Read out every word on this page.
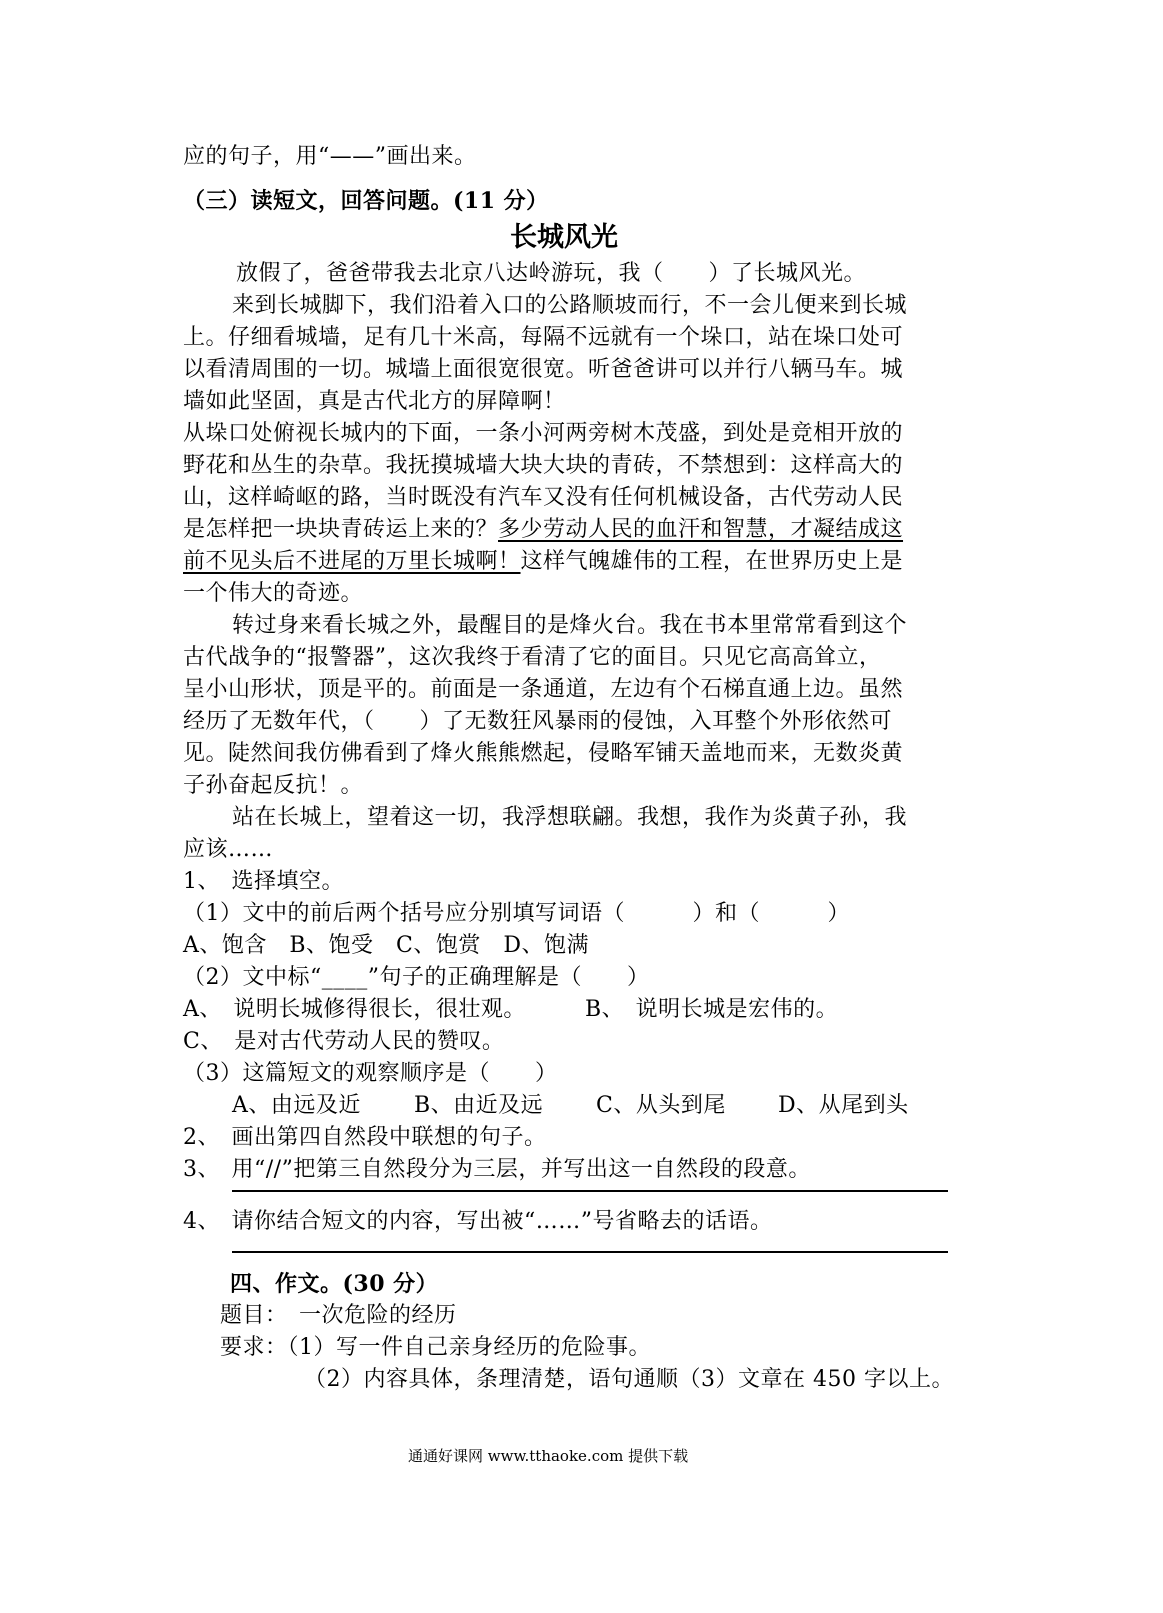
应的句子，用“——”画出来。
（三）读短文，回答问题。(11 分）
长城风光
放假了，爸爸带我去北京八达岭游玩，我（　　）了长城风光。
来到长城脚下，我们沿着入口的公路顺坡而行，不一会儿便来到长城
上。仔细看城墙，足有几十米高，每隔不远就有一个垛口，站在垛口处可
以看清周围的一切。城墙上面很宽很宽。听爸爸讲可以并行八辆马车。城
墙如此坚固，真是古代北方的屏障啊！
从垛口处俯视长城内的下面，一条小河两旁树木茂盛，到处是竞相开放的
野花和丛生的杂草。我抚摸城墙大块大块的青砖，不禁想到：这样高大的
山，这样崎岖的路，当时既没有汽车又没有任何机械设备，古代劳动人民
是怎样把一块块青砖运上来的？多少劳动人民的血汗和智慧，才凝结成这
前不见头后不进尾的万里长城啊！这样气魄雄伟的工程，在世界历史上是
一个伟大的奇迹。
转过身来看长城之外，最醒目的是烽火台。我在书本里常常看到这个
古代战争的“报警器”，这次我终于看清了它的面目。只见它高高耸立，
呈小山形状，顶是平的。前面是一条通道，左边有个石梯直通上边。虽然
经历了无数年代，（　　）了无数狂风暴雨的侵蚀，入耳整个外形依然可
见。陡然间我仿佛看到了烽火熊熊燃起，侵略军铺天盖地而来，无数炎黄
子孙奋起反抗！。
站在长城上，望着这一切，我浮想联翩。我想，我作为炎黄子孙，我
应该……
1、　选择填空。
（1）文中的前后两个括号应分别填写词语（　　　）和（　　　）
A、饱含　B、饱受　C、饱赏　D、饱满
（2）文中标“____”句子的正确理解是（　　）
A、　说明长城修得很长，很壮观。	B、　说明长城是宏伟的。
C、　是对古代劳动人民的赞叹。
（3）这篇短文的观察顺序是（　　）
A、由远及近 B、由近及远 C、从头到尾 D、从尾到头
2、　画出第四自然段中联想的句子。
3、　用“//”把第三自然段分为三层，并写出这一自然段的段意。
4、　请你结合短文的内容，写出被“……”号省略去的话语。
四、作文。(30 分）
题目：　一次危险的经历
要求：（1）写一件自己亲身经历的危险事。
（2）内容具体，条理清楚，语句通顺（3）文章在 450 字以上。
通通好课网 www.tthaoke.com 提供下载
